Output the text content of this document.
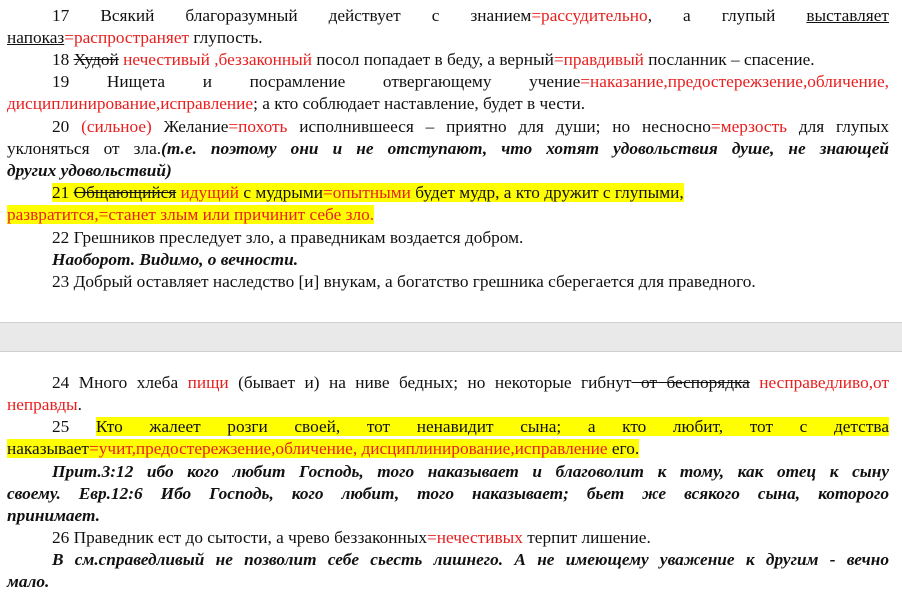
17 Всякий благоразумный действует с знанием=рассудительно, а глупый выставляет
напоказ=распространяет глупость.
18 Худой нечестивый ,беззаконный посол попадает в беду, а верный=правдивый посланник – спасение.
19 Нищета и посрамление отвергающему учение=наказание,предостережзение,обличение,
дисциплинирование,исправление; а кто соблюдает наставление, будет в чести.
20 (сильное) Желание=похоть исполнившееся – приятно для души; но несносно=мерзость для глупых
уклоняться от зла.(т.е. поэтому они и не отступают, что хотят удовольствия душе, не знающей
других удовольствий)
21 Общающийся идущий с мудрыми=опытными будет мудр, а кто дружит с глупыми,
развратится,=станет злым или причинит себе зло.
22 Грешников преследует зло, а праведникам воздается добром.
Наоборот. Видимо, о вечности.
23 Добрый оставляет наследство [и] внукам, а богатство грешника сберегается для праведного.
24 Много хлеба пищи (бывает и) на ниве бедных; но некоторые гибнут от беспорядка несправедливо,от
неправды.
25 Кто жалеет розги своей, тот ненавидит сына; а кто любит, тот с детства
наказывает=учит,предостережзение,обличение, дисциплинирование,исправление его.
Прит.3:12 ибо кого любит Господь, того наказывает и благоволит к тому, как отец к сыну
своему. Евр.12:6 Ибо Господь, кого любит, того наказывает; бьет же всякого сына, которого
принимает.
26 Праведник ест до сытости, а чрево беззаконных=нечестивых терпит лишение.
В см.справедливый не позволит себе сьесть лишнего. А не имеющему уважение к другим - вечно
мало.
